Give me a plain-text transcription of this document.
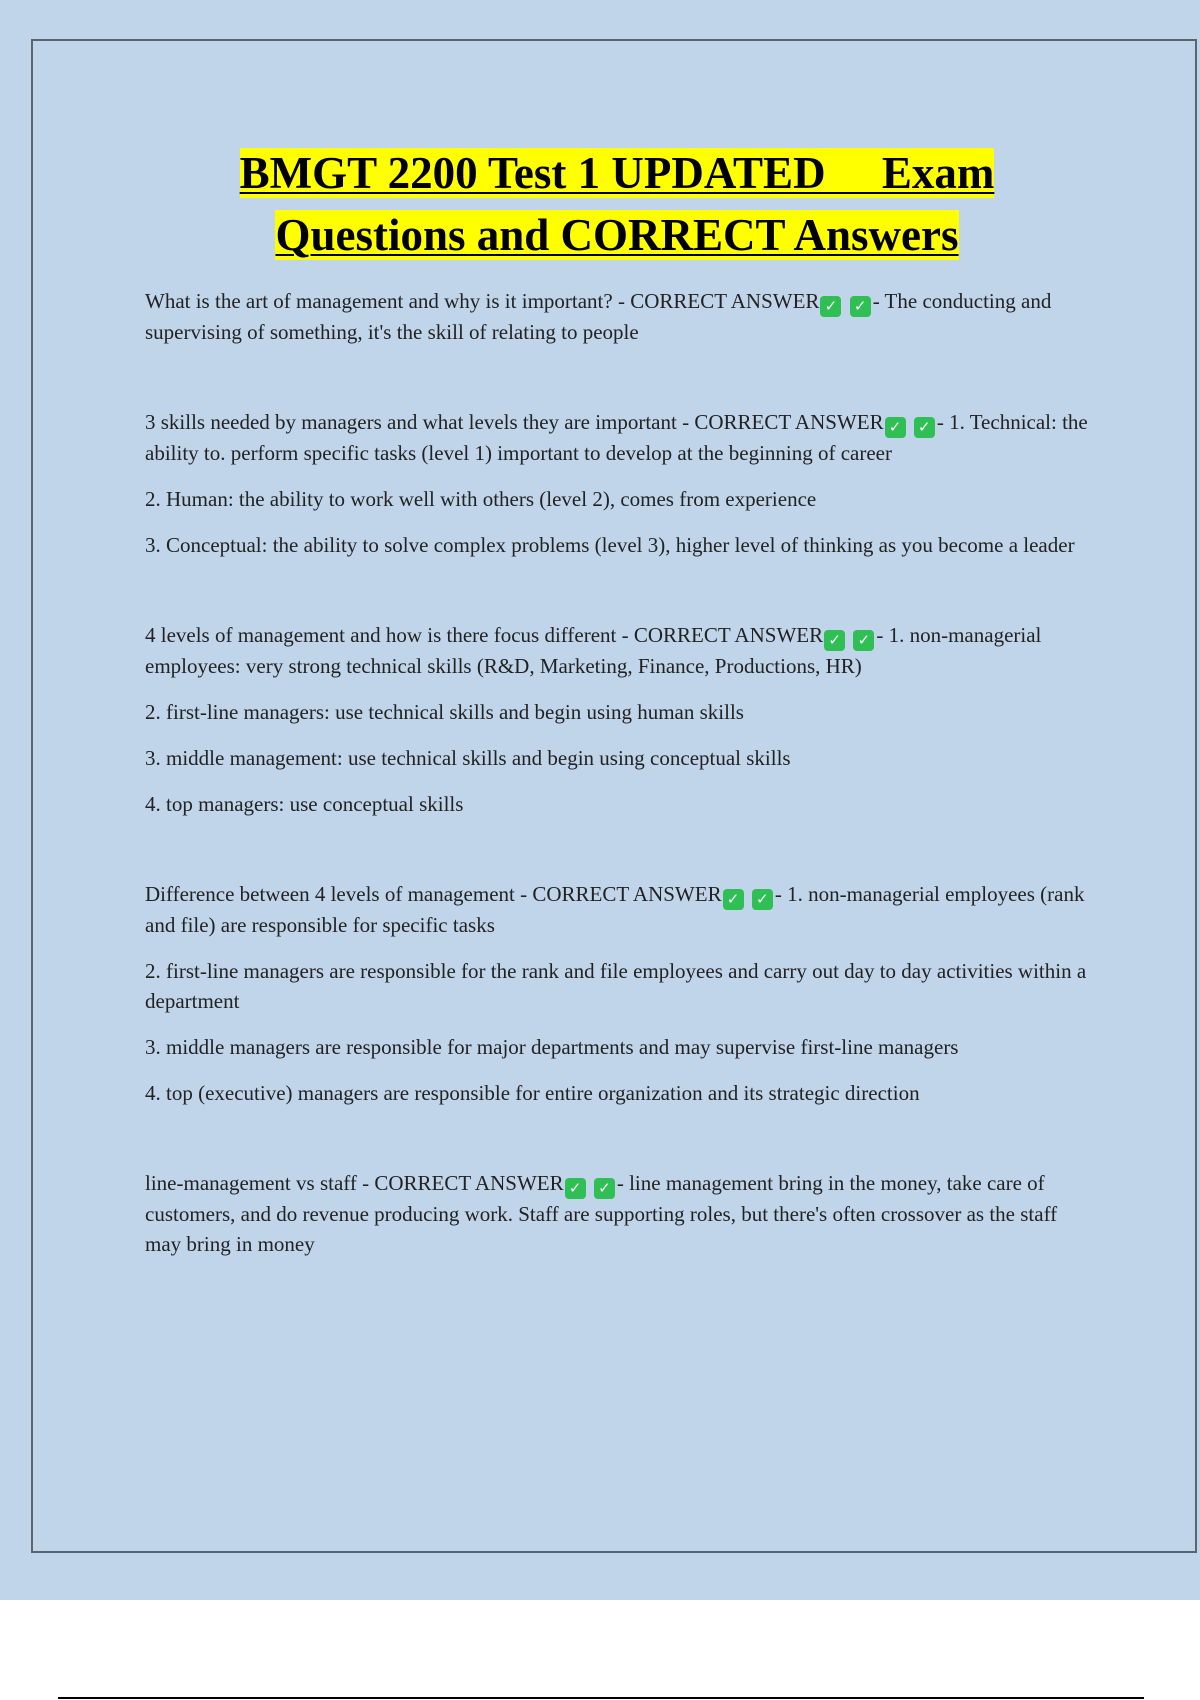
BMGT 2200 Test 1 UPDATED     Exam
Questions and CORRECT Answers

What is the art of management and why is it important? - CORRECT ANSWER ✓ ✓ - The conducting and supervising of something, it's the skill of relating to people

3 skills needed by managers and what levels they are important - CORRECT ANSWER ✓ ✓ - 1. Technical: the ability to. perform specific tasks (level 1) important to develop at the beginning of career

2. Human: the ability to work well with others (level 2), comes from experience

3. Conceptual: the ability to solve complex problems (level 3), higher level of thinking as you become a leader

4 levels of management and how is there focus different - CORRECT ANSWER ✓ ✓ - 1. non-managerial employees: very strong technical skills (R&D, Marketing, Finance, Productions, HR)

2. first-line managers: use technical skills and begin using human skills

3. middle management: use technical skills and begin using conceptual skills

4. top managers: use conceptual skills

Difference between 4 levels of management - CORRECT ANSWER ✓ ✓ - 1. non-managerial employees (rank and file) are responsible for specific tasks

2. first-line managers are responsible for the rank and file employees and carry out day to day activities within a department

3. middle managers are responsible for major departments and may supervise first-line managers

4. top (executive) managers are responsible for entire organization and its strategic direction

line-management vs staff - CORRECT ANSWER ✓ ✓ - line management bring in the money, take care of customers, and do revenue producing work. Staff are supporting roles, but there's often crossover as the staff may bring in money
